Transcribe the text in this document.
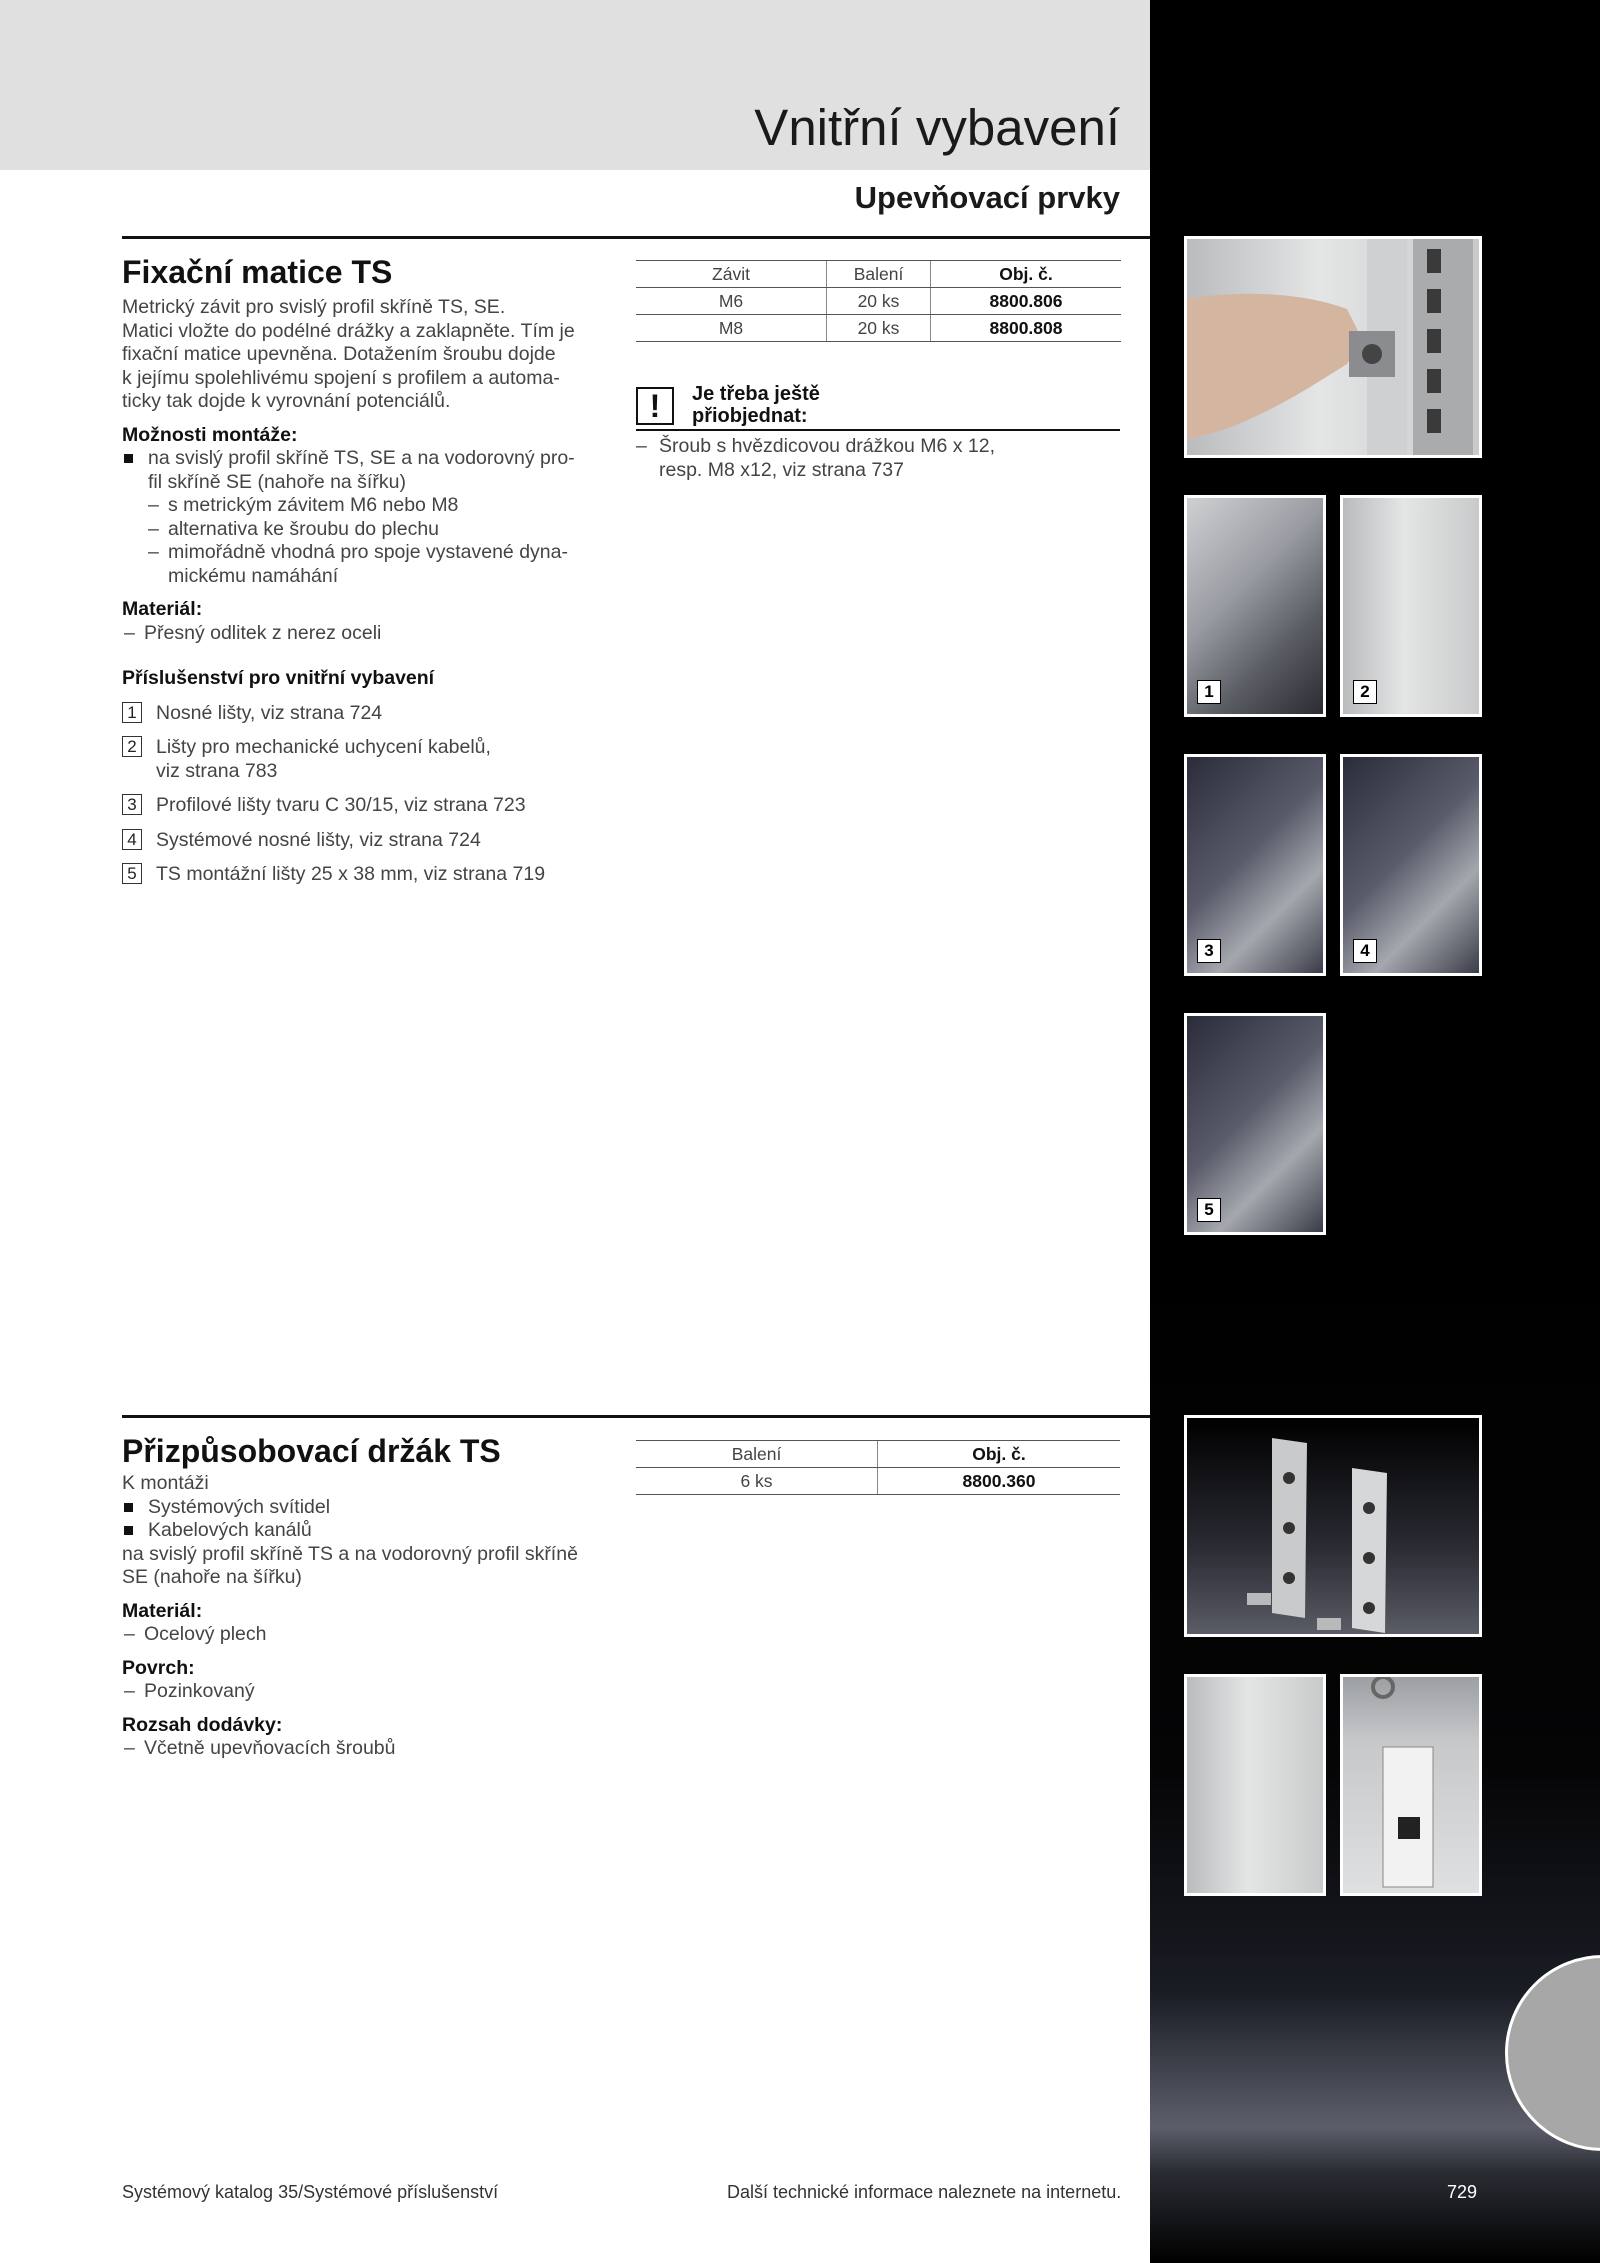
Vnitřní vybavení
Upevňovací prvky
Fixační matice TS

Metrický závit pro svislý profil skříně TS, SE.

Matici vložte do podélné drážky a zaklapněte. Tím je

fixační matice upevněna. Dotažením šroubu dojde

k jejímu spolehlivému spojení s profilem a automa-

ticky tak dojde k vyrovnání potenciálů.

Možnosti montáže:

na svislý profil skříně TS, SE a na vodorovný pro-
fil skříně SE (nahoře na šířku)

– s metrickým závitem M6 nebo M8

– alternativa ke šroubu do plechu

– mimořádně vhodná pro spoje vystavené dyna-
mickému namáhání

Materiál:

– Přesný odlitek z nerez oceli

Příslušenství pro vnitřní vybavení

1 Nosné lišty, viz strana 724

2 Lišty pro mechanické uchycení kabelů,
viz strana 783

3 Profilové lišty tvaru C 30/15, viz strana 723

4 Systémové nosné lišty, viz strana 724

5 TS montážní lišty 25 x 38 mm, viz strana 719

Závit	Balení	Obj. č.
M6	20 ks	8800.806
M8	20 ks	8800.808
!	Je třeba ještě přiobjednat:
– Šroub s hvězdicovou drážkou M6 x 12,
resp. M8 x12, viz strana 737
1	2
3	4
5
Přizpůsobovací držák TS

K montáži

Systémových svítidel

Kabelových kanálů

na svislý profil skříně TS a na vodorovný profil skříně

SE (nahoře na šířku)

Materiál:

– Ocelový plech

Povrch:

– Pozinkovaný

Rozsah dodávky:

– Včetně upevňovacích šroubů

Balení	Obj. č.
6 ks	8800.360
Systémový katalog 35/Systémové příslušenství	Další technické informace naleznete na internetu.	729
